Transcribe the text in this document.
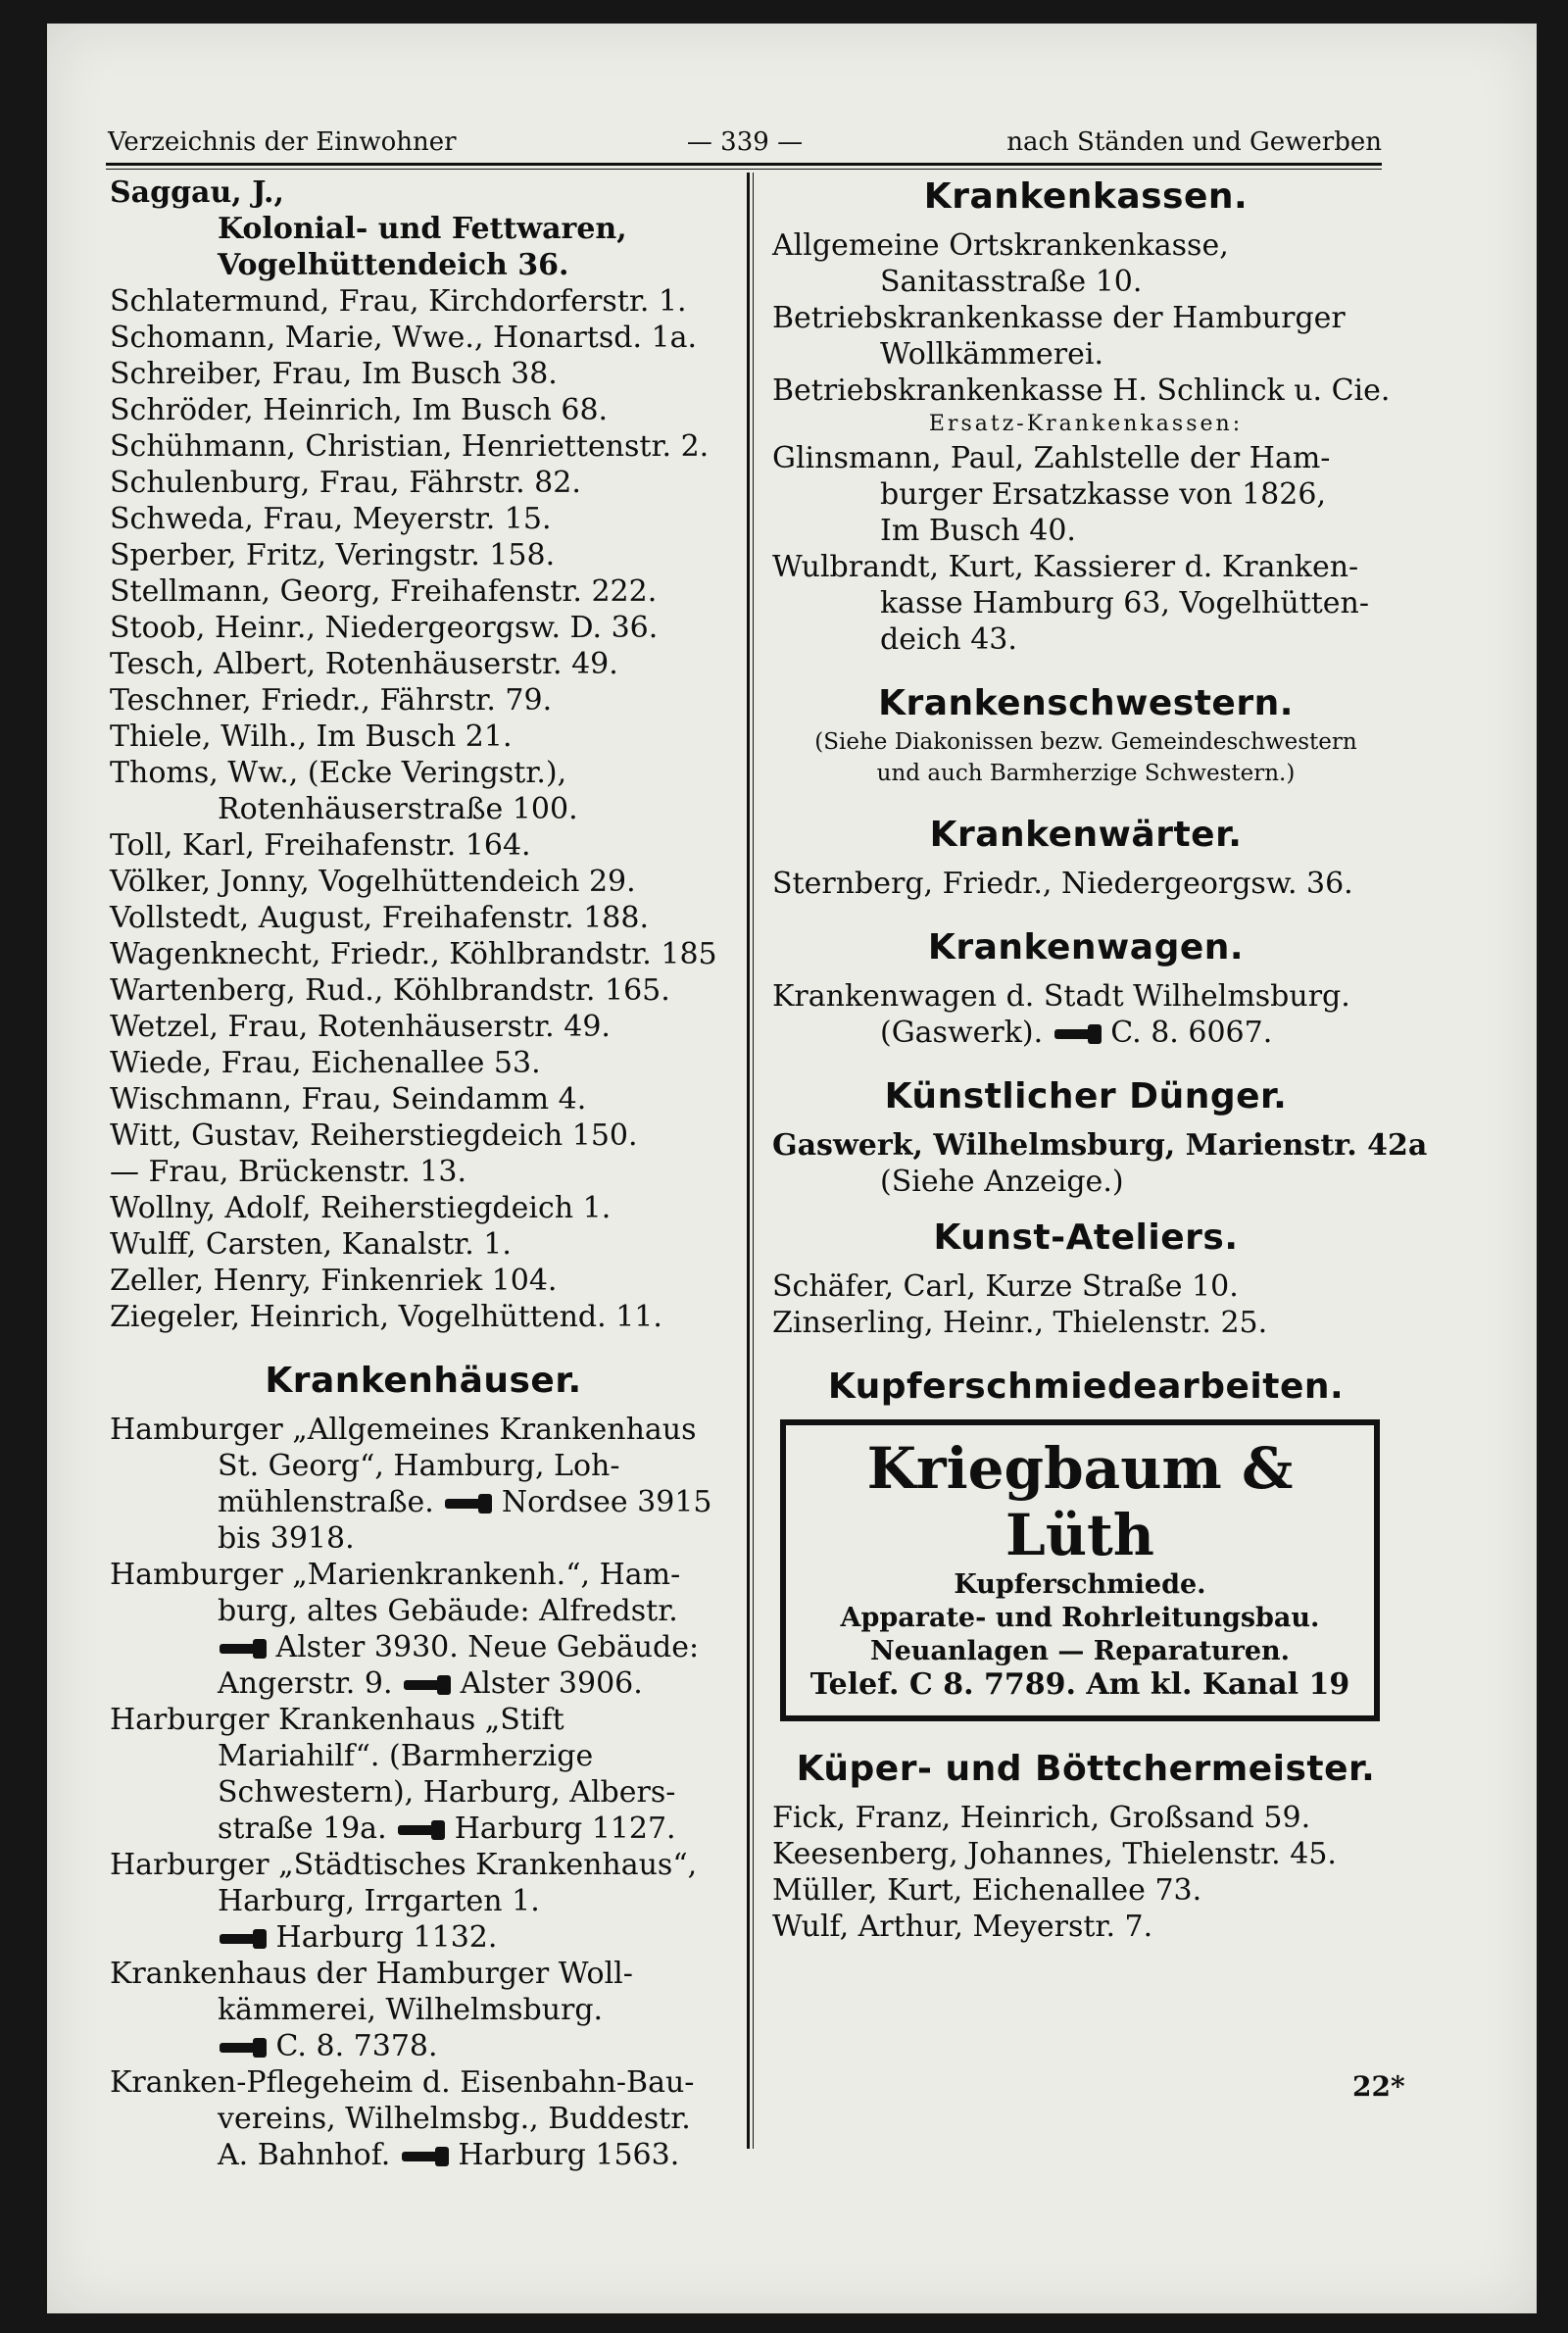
Verzeichnis der Einwohner	— 339 —	nach Ständen und Gewerben
Saggau, J.,
Kolonial- und Fettwaren,
Vogelhüttendeich 36.
Schlatermund, Frau, Kirchdorferstr. 1.
Schomann, Marie, Wwe., Honartsd. 1a.
Schreiber, Frau, Im Busch 38.
Schröder, Heinrich, Im Busch 68.
Schühmann, Christian, Henriettenstr. 2.
Schulenburg, Frau, Fährstr. 82.
Schweda, Frau, Meyerstr. 15.
Sperber, Fritz, Veringstr. 158.
Stellmann, Georg, Freihafenstr. 222.
Stoob, Heinr., Niedergeorgsw. D. 36.
Tesch, Albert, Rotenhäuserstr. 49.
Teschner, Friedr., Fährstr. 79.
Thiele, Wilh., Im Busch 21.
Thoms, Ww., (Ecke Veringstr.),
Rotenhäuserstraße 100.
Toll, Karl, Freihafenstr. 164.
Völker, Jonny, Vogelhüttendeich 29.
Vollstedt, August, Freihafenstr. 188.
Wagenknecht, Friedr., Köhlbrandstr. 185
Wartenberg, Rud., Köhlbrandstr. 165.
Wetzel, Frau, Rotenhäuserstr. 49.
Wiede, Frau, Eichenallee 53.
Wischmann, Frau, Seindamm 4.
Witt, Gustav, Reiherstiegdeich 150.
— Frau, Brückenstr. 13.
Wollny, Adolf, Reiherstiegdeich 1.
Wulff, Carsten, Kanalstr. 1.
Zeller, Henry, Finkenriek 104.
Ziegeler, Heinrich, Vogelhüttend. 11.
Krankenhäuser.
Hamburger „Allgemeines Krankenhaus
St. Georg“, Hamburg, Loh-
mühlenstraße. Nordsee 3915
bis 3918.
Hamburger „Marienkrankenh.“, Ham-
burg, altes Gebäude: Alfredstr.
Alster 3930. Neue Gebäude:
Angerstr. 9. Alster 3906.
Harburger Krankenhaus „Stift
Mariahilf“. (Barmherzige
Schwestern), Harburg, Albers-
straße 19a. Harburg 1127.
Harburger „Städtisches Krankenhaus“,
Harburg, Irrgarten 1.
Harburg 1132.
Krankenhaus der Hamburger Woll-
kämmerei, Wilhelmsburg.
C. 8. 7378.
Kranken-Pflegeheim d. Eisenbahn-Bau-
vereins, Wilhelmsbg., Buddestr.
A. Bahnhof. Harburg 1563.
Krankenkassen.
Allgemeine Ortskrankenkasse,
Sanitasstraße 10.
Betriebskrankenkasse der Hamburger
Wollkämmerei.
Betriebskrankenkasse H. Schlinck u. Cie.
Ersatz-Krankenkassen:
Glinsmann, Paul, Zahlstelle der Ham-
burger Ersatzkasse von 1826,
Im Busch 40.
Wulbrandt, Kurt, Kassierer d. Kranken-
kasse Hamburg 63, Vogelhütten-
deich 43.
Krankenschwestern.
(Siehe Diakonissen bezw. Gemeindeschwestern
und auch Barmherzige Schwestern.)
Krankenwärter.
Sternberg, Friedr., Niedergeorgsw. 36.
Krankenwagen.
Krankenwagen d. Stadt Wilhelmsburg.
(Gaswerk). C. 8. 6067.
Künstlicher Dünger.
Gaswerk, Wilhelmsburg, Marienstr. 42a
(Siehe Anzeige.)
Kunst-Ateliers.
Schäfer, Carl, Kurze Straße 10.
Zinserling, Heinr., Thielenstr. 25.
Kupferschmiedearbeiten.
Kriegbaum & Lüth
Kupferschmiede.
Apparate- und Rohrleitungsbau.
Neuanlagen — Reparaturen.
Telef. C 8. 7789. Am kl. Kanal 19
Küper- und Böttchermeister.
Fick, Franz, Heinrich, Großsand 59.
Keesenberg, Johannes, Thielenstr. 45.
Müller, Kurt, Eichenallee 73.
Wulf, Arthur, Meyerstr. 7.
22*
